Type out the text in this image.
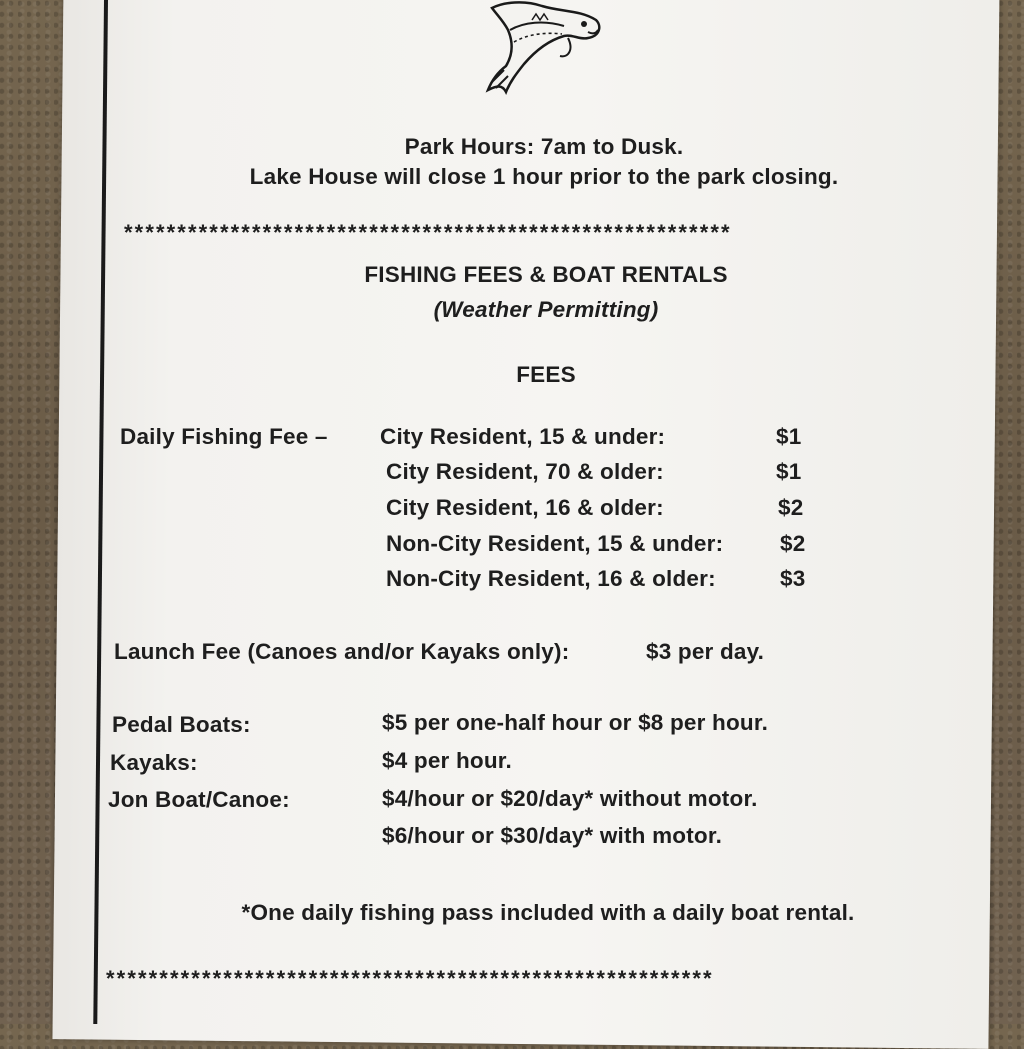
Park Hours: 7am to Dusk.
Lake House will close 1 hour prior to the park closing.
*********************************************************
FISHING FEES & BOAT RENTALS
(Weather Permitting)
FEES
Daily Fishing Fee – City Resident, 15 & under:	$1
City Resident, 70 & older:	$1
City Resident, 16 & older:	$2
Non-City Resident, 15 & under:	$2
Non-City Resident, 16 & older:	$3
Launch Fee (Canoes and/or Kayaks only):	$3 per day.
Pedal Boats:	$5 per one-half hour or $8 per hour.
Kayaks:	$4 per hour.
Jon Boat/Canoe:	$4/hour or $20/day* without motor.
$6/hour or $30/day* with motor.
*One daily fishing pass included with a daily boat rental.
*********************************************************
